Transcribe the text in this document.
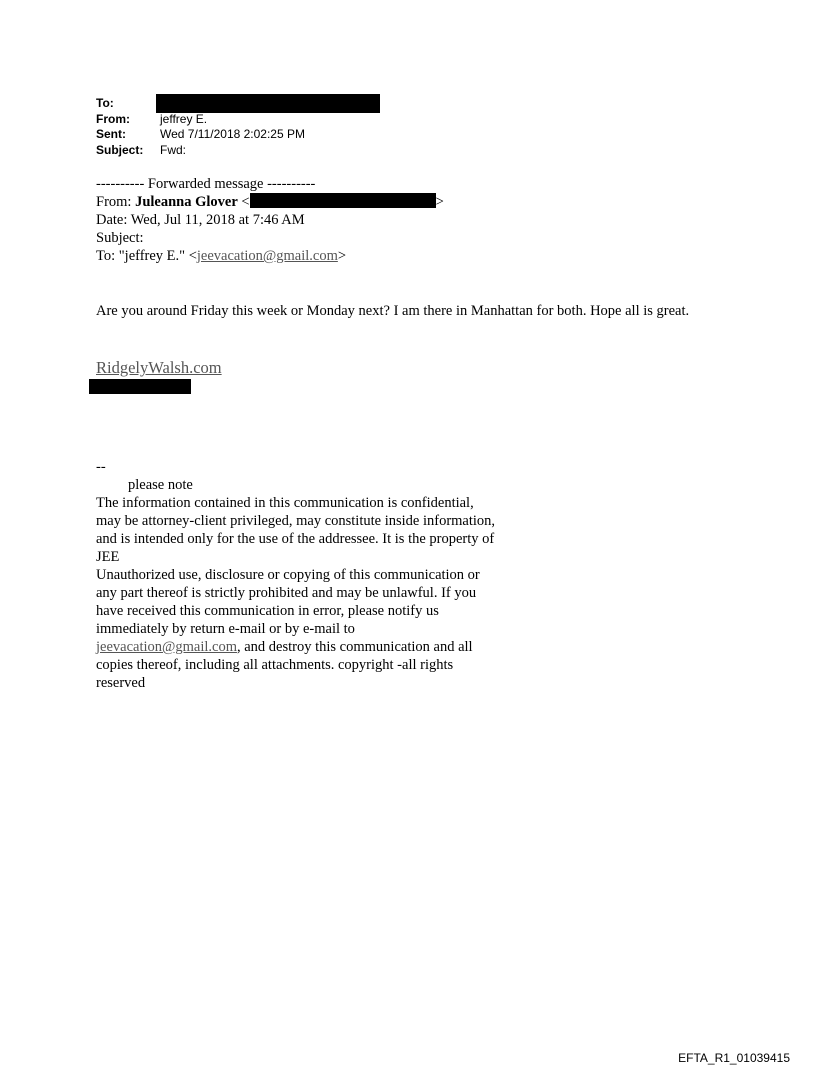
To:
From:	jeffrey E.
Sent:	Wed 7/11/2018 2:02:25 PM
Subject:	Fwd:
---------- Forwarded message ----------
From: Juleanna Glover <	>
Date: Wed, Jul 11, 2018 at 7:46 AM
Subject:
To: "jeffrey E." <jeevacation@gmail.com>
Are you around Friday this week or Monday next? I am there in Manhattan for both. Hope all is great.
RidgelyWalsh.com
--
please note
The information contained in this communication is confidential, may be attorney-client privileged, may constitute inside information, and is intended only for the use of the addressee. It is the property of
JEE
Unauthorized use, disclosure or copying of this communication or any part thereof is strictly prohibited and may be unlawful. If you have received this communication in error, please notify us immediately by return e-mail or by e-mail to jeevacation@gmail.com, and destroy this communication and all copies thereof, including all attachments. copyright -all rights reserved
EFTA_R1_01039415
